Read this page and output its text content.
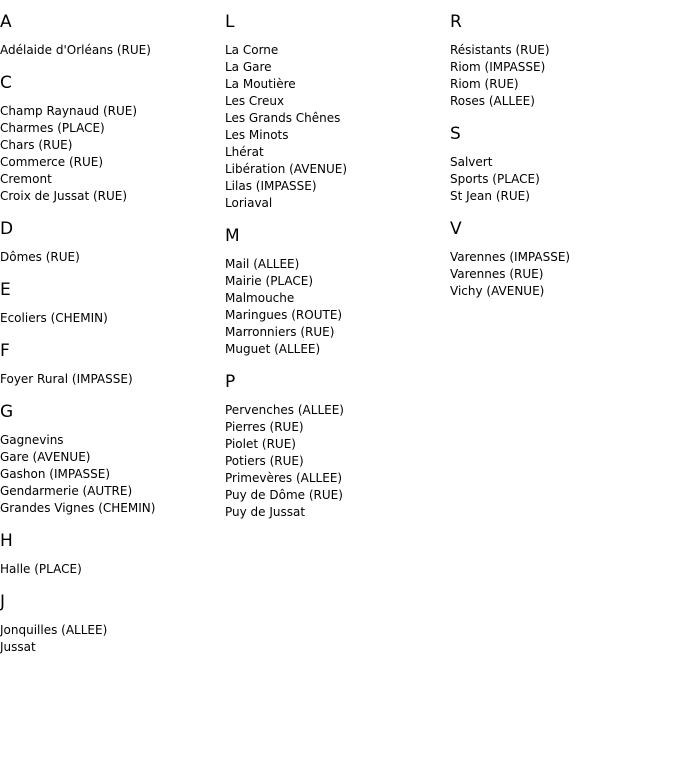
A
Adélaide d'Orléans (RUE)
C
Champ Raynaud (RUE)
Charmes (PLACE)
Chars (RUE)
Commerce (RUE)
Cremont
Croix de Jussat (RUE)
D
Dômes (RUE)
E
Ecoliers (CHEMIN)
F
Foyer Rural (IMPASSE)
G
Gagnevins
Gare (AVENUE)
Gashon (IMPASSE)
Gendarmerie (AUTRE)
Grandes Vignes (CHEMIN)
H
Halle (PLACE)
J
Jonquilles (ALLEE)
Jussat
L
La Corne
La Gare
La Moutière
Les Creux
Les Grands Chênes
Les Minots
Lhérat
Libération (AVENUE)
Lilas (IMPASSE)
Loriaval
M
Mail (ALLEE)
Mairie (PLACE)
Malmouche
Maringues (ROUTE)
Marronniers (RUE)
Muguet (ALLEE)
P
Pervenches (ALLEE)
Pierres (RUE)
Piolet (RUE)
Potiers (RUE)
Primevères (ALLEE)
Puy de Dôme (RUE)
Puy de Jussat
R
Résistants (RUE)
Riom (IMPASSE)
Riom (RUE)
Roses (ALLEE)
S
Salvert
Sports (PLACE)
St Jean (RUE)
V
Varennes (IMPASSE)
Varennes (RUE)
Vichy (AVENUE)
